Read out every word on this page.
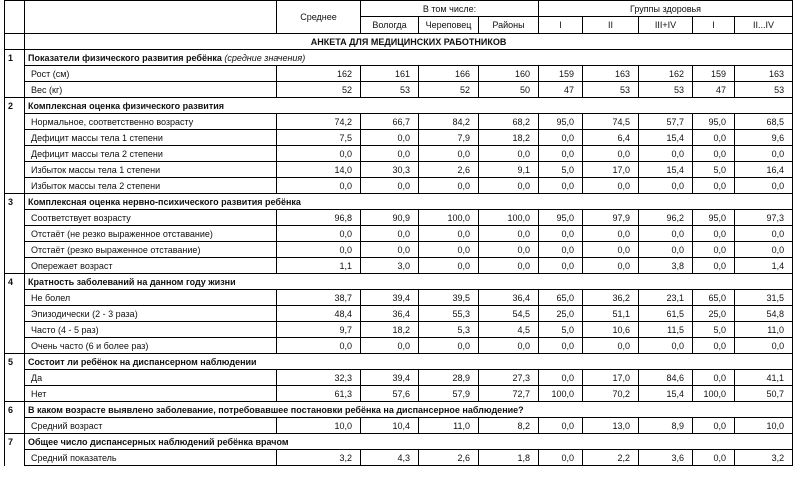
		Среднее	В том числе:			Группы здоровья				
			Вологда	Череповец	Районы	I	II	III+IV	I	II...IV
	АНКЕТА ДЛЯ МЕДИЦИНСКИХ РАБОТНИКОВ									
1	Показатели физического развития ребёнка (средние значения)									
	Рост (см)	162	161	166	160	159	163	162	159	163
	Вес (кг)	52	53	52	50	47	53	53	47	53
2	Комплексная оценка физического развития									
	Нормальное, соответственно возрасту	74,2	66,7	84,2	68,2	95,0	74,5	57,7	95,0	68,5
	Дефицит массы тела 1 степени	7,5	0,0	7,9	18,2	0,0	6,4	15,4	0,0	9,6
	Дефицит массы тела 2 степени	0,0	0,0	0,0	0,0	0,0	0,0	0,0	0,0	0,0
	Избыток массы тела 1 степени	14,0	30,3	2,6	9,1	5,0	17,0	15,4	5,0	16,4
	Избыток массы тела 2 степени	0,0	0,0	0,0	0,0	0,0	0,0	0,0	0,0	0,0
3	Комплексная оценка нервно-психического развития ребёнка									
	Соответствует возрасту	96,8	90,9	100,0	100,0	95,0	97,9	96,2	95,0	97,3
	Отстаёт (не резко выраженное отставание)	0,0	0,0	0,0	0,0	0,0	0,0	0,0	0,0	0,0
	Отстаёт (резко выраженное отставание)	0,0	0,0	0,0	0,0	0,0	0,0	0,0	0,0	0,0
	Опережает возраст	1,1	3,0	0,0	0,0	0,0	0,0	3,8	0,0	1,4
4	Кратность заболеваний на данном году жизни									
	Не болел	38,7	39,4	39,5	36,4	65,0	36,2	23,1	65,0	31,5
	Эпизодически (2 - 3 раза)	48,4	36,4	55,3	54,5	25,0	51,1	61,5	25,0	54,8
	Часто (4 - 5 раз)	9,7	18,2	5,3	4,5	5,0	10,6	11,5	5,0	11,0
	Очень часто (6 и более раз)	0,0	0,0	0,0	0,0	0,0	0,0	0,0	0,0	0,0
5	Состоит ли ребёнок на диспансерном наблюдении									
	Да	32,3	39,4	28,9	27,3	0,0	17,0	84,6	0,0	41,1
	Нет	61,3	57,6	57,9	72,7	100,0	70,2	15,4	100,0	50,7
6	В каком возрасте выявлено заболевание, потребовавшее постановки ребёнка на диспансерное наблюдение?									
	Средний возраст	10,0	10,4	11,0	8,2	0,0	13,0	8,9	0,0	10,0
7	Общее число диспансерных наблюдений ребёнка врачом									
	Средний показатель	3,2	4,3	2,6	1,8	0,0	2,2	3,6	0,0	3,2
